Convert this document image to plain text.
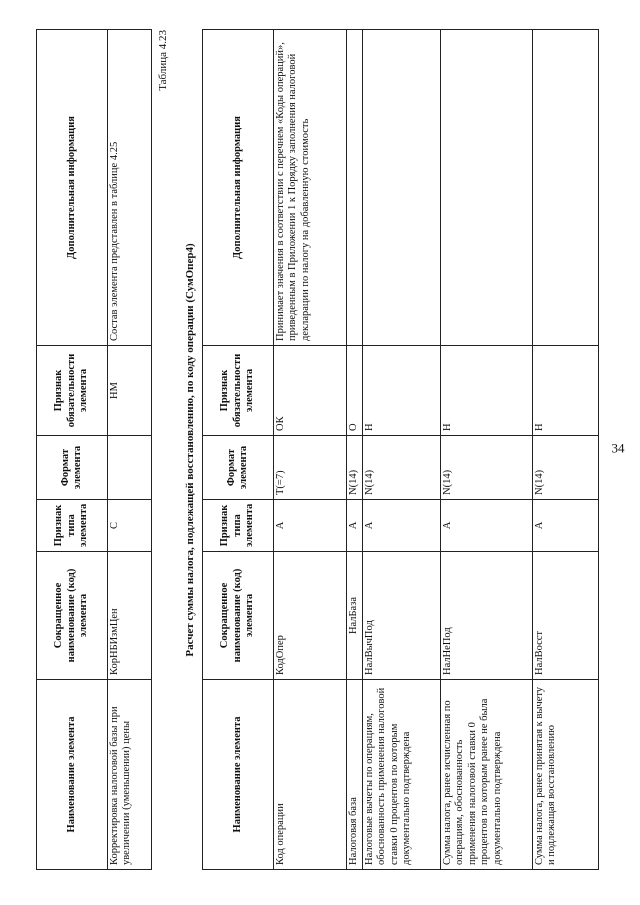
34
Наименование элемента	Сокращенное наименование (код) элемента	Признак типа элемента	Формат элемента	Признак обязательности элемента	Дополнительная информация
Корректировка налоговой базы при увеличении (уменьшении) цены	КорНБИзмЦен	С		НМ	Состав элемента представлен в таблице 4.25
Таблица 4.23
Расчет суммы налога, подлежащей восстановлению, по коду операции (СумОпер4)
Наименование элемента	Сокращенное наименование (код) элемента	Признак типа элемента	Формат элемента	Признак обязательности элемента	Дополнительная информация
Код операции	КодОпер	А	T(=7)	ОК	Принимает значения в соответствии с перечнем «Коды операций», приведенным в Приложении 1 к Порядку заполнения налоговой декларации по налогу на добавленную стоимость
Налоговая база	НалБаза	А	N(14)	О	
Налоговые вычеты по операциям, обоснованность применения налоговой ставки 0 процентов по которым документально подтверждена	НалВычПод	А	N(14)	Н	
Сумма налога, ранее исчисленная по операциям, обоснованность применения налоговой ставки 0 процентов по которым ранее не была документально подтверждена	НалНеПод	А	N(14)	Н	
Сумма налога, ранее принятая к вычету и подлежащая восстановлению	НалВосст	А	N(14)	Н	
